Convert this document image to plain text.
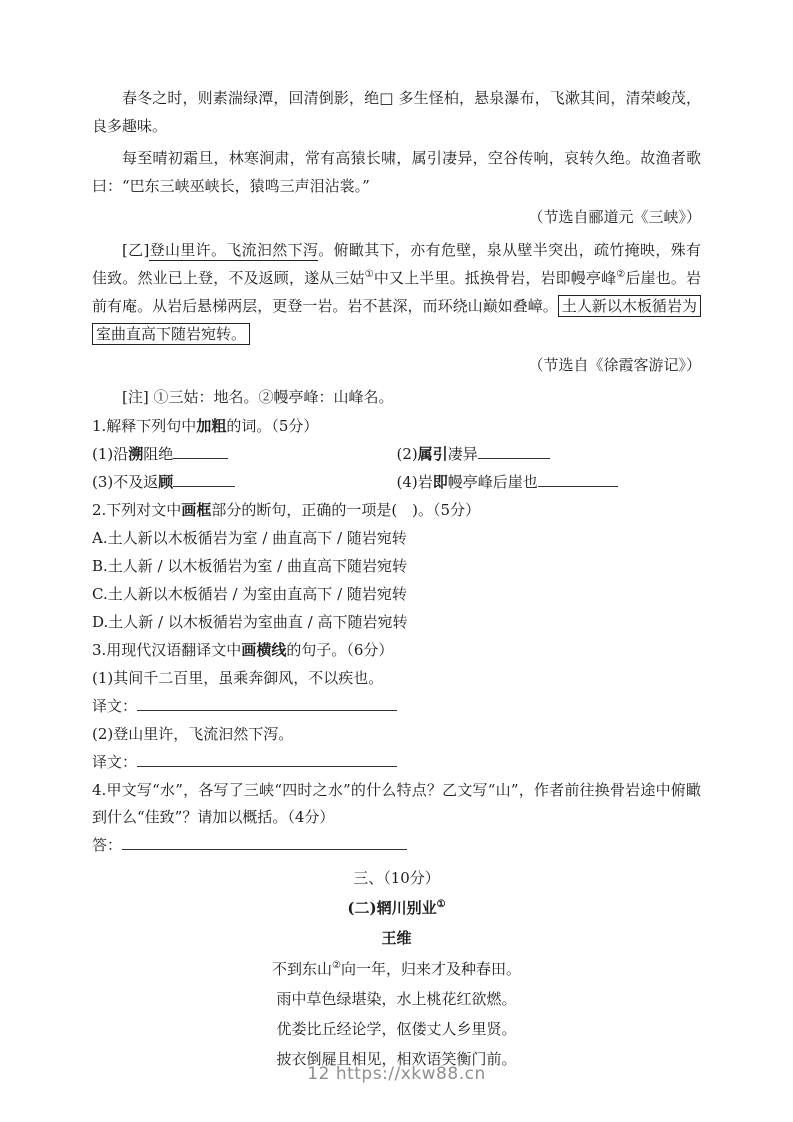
春冬之时，则素湍绿潭，回清倒影，绝□ 多生怪柏，悬泉瀑布，飞漱其间，清荣峻茂，良多趣味。

每至晴初霜旦，林寒涧肃，常有高猿长啸，属引凄异，空谷传响，哀转久绝。故渔者歌曰：“巴东三峡巫峡长，猿鸣三声泪沾裳。”

（节选自郦道元《三峡》）

[乙]登山里许。飞流汩然下泻。俯瞰其下，亦有危壁，泉从壁半突出，疏竹掩映，殊有佳致。然业已上登，不及返顾，遂从三姑①中又上半里。抵换骨岩，岩即幔亭峰②后崖也。岩前有庵。从岩后悬梯两层，更登一岩。岩不甚深，而环绕山巅如叠嶂。 土人新以木板循岩为室曲直高下随岩宛转。

（节选自《徐霞客游记》）
[注] ①三姑：地名。②幔亭峰：山峰名。
1.解释下列句中加粗的词。（5分）
(1)沿溯阻绝	(2)属引凄异
(3)不及返顾	(4)岩即幔亭峰后崖也
2.下列对文中画框部分的断句，正确的一项是(　)。（5分）
A.土人新以木板循岩为室 / 曲直高下 / 随岩宛转
B.土人新 / 以木板循岩为室 / 曲直高下随岩宛转
C.土人新以木板循岩 / 为室由直高下 / 随岩宛转
D.土人新 / 以木板循岩为室曲直 / 高下随岩宛转
3.用现代汉语翻译文中画横线的句子。（6分）
(1)其间千二百里，虽乘奔御风，不以疾也。
译文：
(2)登山里许，飞流汩然下泻。
译文：
4.甲文写“水”，各写了三峡“四时之水”的什么特点？乙文写“山”，作者前往换骨岩途中俯瞰到什么“佳致”？请加以概括。（4分）
答：
三、（10分）
(二)辋川别业①
王维
不到东山②向一年，归来才及种春田。
雨中草色绿堪染，水上桃花红欲燃。
优娄比丘经论学，伛偻丈人乡里贤。
披衣倒屣且相见，相欢语笑衡门前。
12 https://xkw88.cn
